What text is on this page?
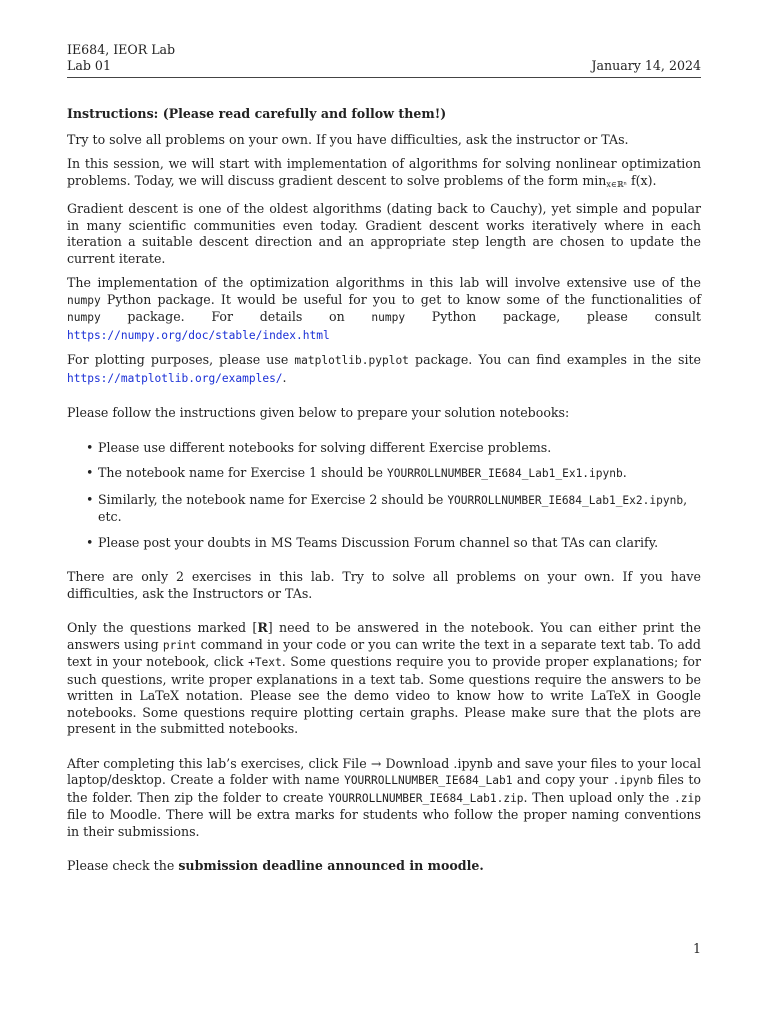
IE684, IEOR Lab
Lab 01	January 14, 2024

Instructions: (Please read carefully and follow them!)

Try to solve all problems on your own. If you have difficulties, ask the instructor or TAs.

In this session, we will start with implementation of algorithms for solving nonlinear optimization problems. Today, we will discuss gradient descent to solve problems of the form $\min_{x\in ℝ^n} f(x)$.

Gradient descent is one of the oldest algorithms (dating back to Cauchy), yet simple and popular in many scientific communities even today. Gradient descent works iteratively where in each iteration a suitable descent direction and an appropriate step length are chosen to update the current iterate.

The implementation of the optimization algorithms in this lab will involve extensive use of the numpy Python package. It would be useful for you to get to know some of the functionalities of numpy package. For details on numpy Python package, please consult https://numpy.org/doc/stable/index.html

For plotting purposes, please use matplotlib.pyplot package. You can find examples in the site https://matplotlib.org/examples/.

Please follow the instructions given below to prepare your solution notebooks:

• Please use different notebooks for solving different Exercise problems.
• The notebook name for Exercise 1 should be YOURROLLNUMBER_IE684_Lab1_Ex1.ipynb.
• Similarly, the notebook name for Exercise 2 should be YOURROLLNUMBER_IE684_Lab1_Ex2.ipynb, etc.
• Please post your doubts in MS Teams Discussion Forum channel so that TAs can clarify.

There are only 2 exercises in this lab. Try to solve all problems on your own. If you have difficulties, ask the Instructors or TAs.

Only the questions marked [R] need to be answered in the notebook. You can either print the answers using print command in your code or you can write the text in a separate text tab. To add text in your notebook, click +Text. Some questions require you to provide proper explanations; for such questions, write proper explanations in a text tab. Some questions require the answers to be written in LaTeX notation. Please see the demo video to know how to write LaTeX in Google notebooks. Some questions require plotting certain graphs. Please make sure that the plots are present in the submitted notebooks.

After completing this lab’s exercises, click File → Download .ipynb and save your files to your local laptop/desktop. Create a folder with name YOURROLLNUMBER_IE684_Lab1 and copy your .ipynb files to the folder. Then zip the folder to create YOURROLLNUMBER_IE684_Lab1.zip. Then upload only the .zip file to Moodle. There will be extra marks for students who follow the proper naming conventions in their submissions.

Please check the submission deadline announced in moodle.

1
